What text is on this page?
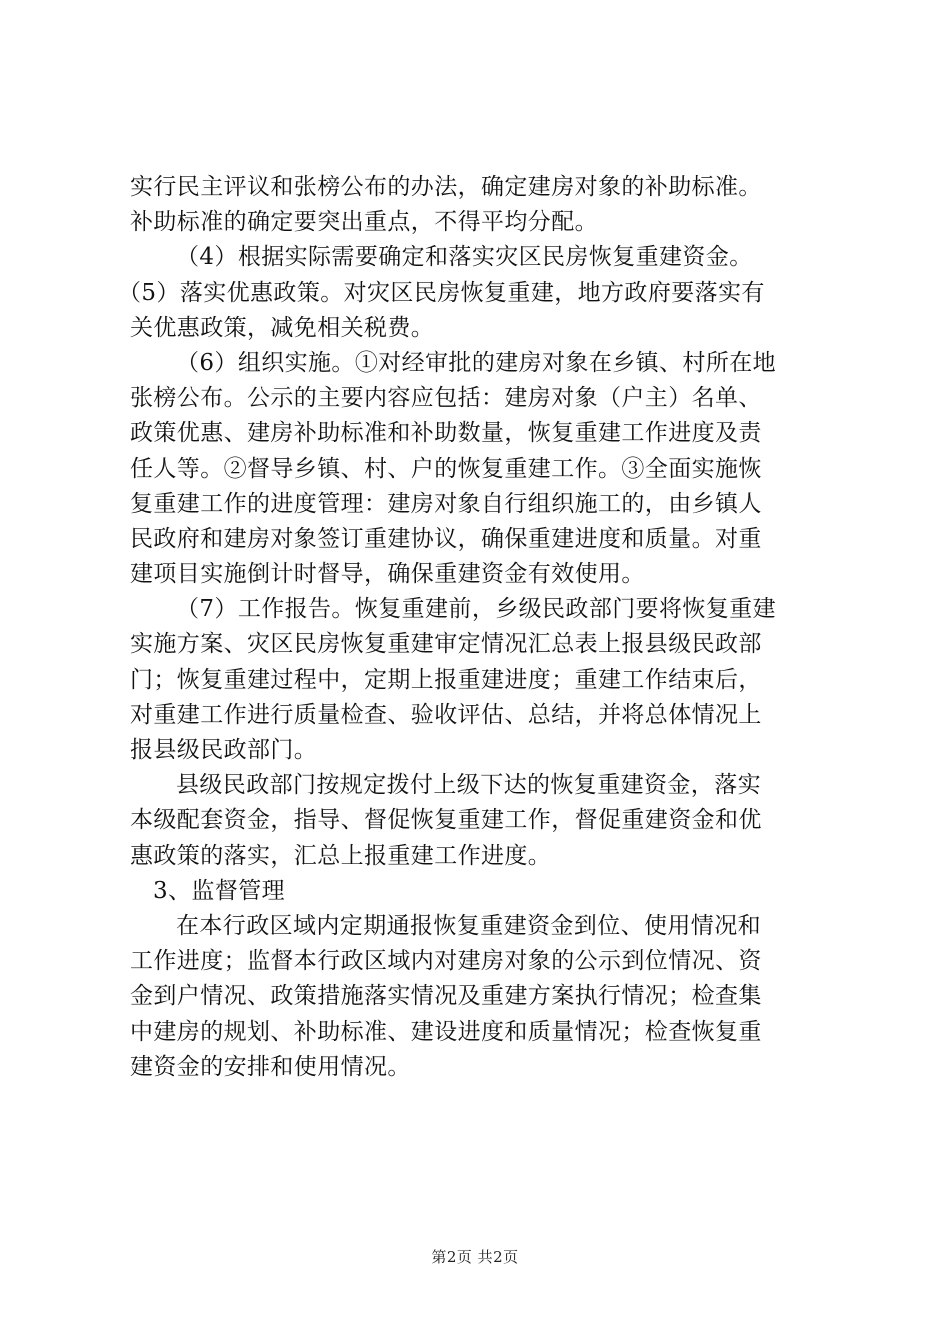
实行民主评议和张榜公布的办法，确定建房对象的补助标准。
补助标准的确定要突出重点，不得平均分配。
（4）根据实际需要确定和落实灾区民房恢复重建资金。
（5）落实优惠政策。对灾区民房恢复重建，地方政府要落实有
关优惠政策，减免相关税费。
（6）组织实施。①对经审批的建房对象在乡镇、村所在地
张榜公布。公示的主要内容应包括：建房对象（户主）名单、
政策优惠、建房补助标准和补助数量，恢复重建工作进度及责
任人等。②督导乡镇、村、户的恢复重建工作。③全面实施恢
复重建工作的进度管理：建房对象自行组织施工的，由乡镇人
民政府和建房对象签订重建协议，确保重建进度和质量。对重
建项目实施倒计时督导，确保重建资金有效使用。
（7）工作报告。恢复重建前，乡级民政部门要将恢复重建
实施方案、灾区民房恢复重建审定情况汇总表上报县级民政部
门；恢复重建过程中，定期上报重建进度；重建工作结束后，
对重建工作进行质量检查、验收评估、总结，并将总体情况上
报县级民政部门。
县级民政部门按规定拨付上级下达的恢复重建资金，落实
本级配套资金，指导、督促恢复重建工作，督促重建资金和优
惠政策的落实，汇总上报重建工作进度。
3、监督管理
在本行政区域内定期通报恢复重建资金到位、使用情况和
工作进度；监督本行政区域内对建房对象的公示到位情况、资
金到户情况、政策措施落实情况及重建方案执行情况；检查集
中建房的规划、补助标准、建设进度和质量情况；检查恢复重
建资金的安排和使用情况。
第2页 共2页
